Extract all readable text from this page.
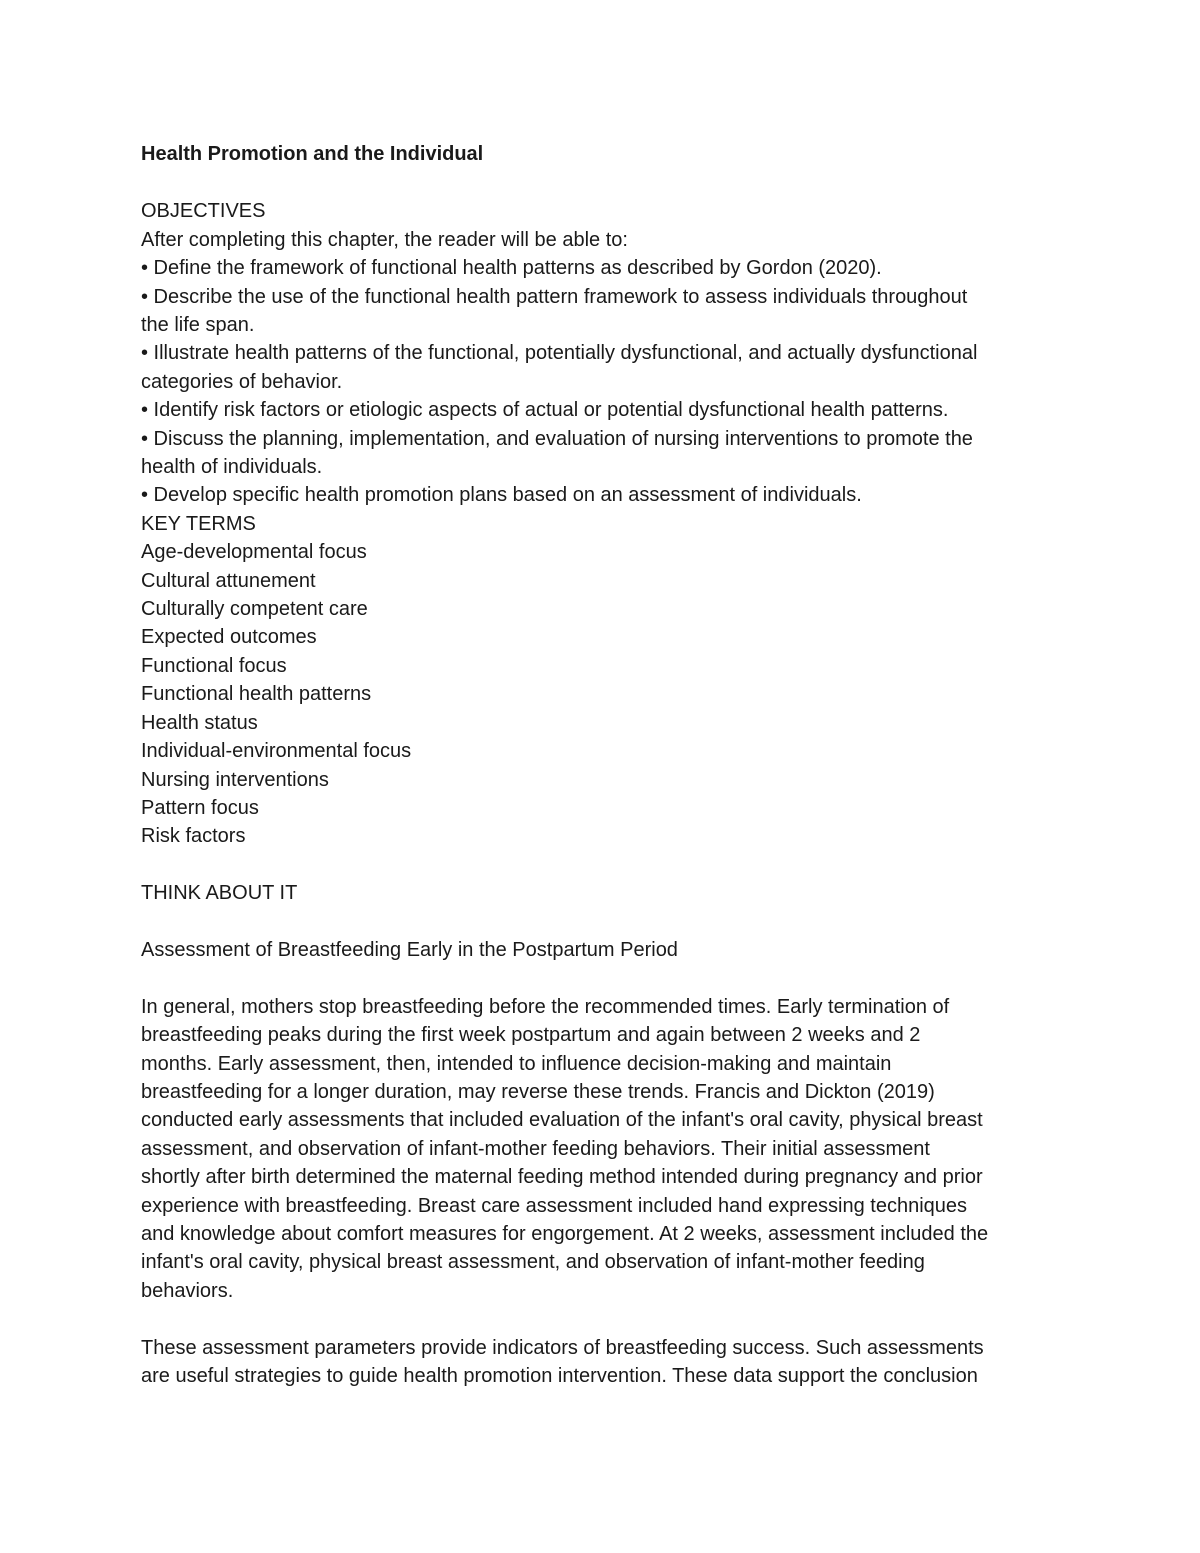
Health Promotion and the Individual

OBJECTIVES

After completing this chapter, the reader will be able to:

• Define the framework of functional health patterns as described by Gordon (2020).
• Describe the use of the functional health pattern framework to assess individuals throughout
the life span.
• Illustrate health patterns of the functional, potentially dysfunctional, and actually dysfunctional
categories of behavior.
• Identify risk factors or etiologic aspects of actual or potential dysfunctional health patterns.
• Discuss the planning, implementation, and evaluation of nursing interventions to promote the
health of individuals.
• Develop specific health promotion plans based on an assessment of individuals.

KEY TERMS

Age-developmental focus
Cultural attunement
Culturally competent care
Expected outcomes
Functional focus
Functional health patterns
Health status
Individual-environmental focus
Nursing interventions
Pattern focus
Risk factors

THINK ABOUT IT

Assessment of Breastfeeding Early in the Postpartum Period

In general, mothers stop breastfeeding before the recommended times. Early termination of

breastfeeding peaks during the first week postpartum and again between 2 weeks and 2

months. Early assessment, then, intended to influence decision-making and maintain

breastfeeding for a longer duration, may reverse these trends. Francis and Dickton (2019)

conducted early assessments that included evaluation of the infant's oral cavity, physical breast

assessment, and observation of infant-mother feeding behaviors. Their initial assessment

shortly after birth determined the maternal feeding method intended during pregnancy and prior

experience with breastfeeding. Breast care assessment included hand expressing techniques

and knowledge about comfort measures for engorgement. At 2 weeks, assessment included the

infant's oral cavity, physical breast assessment, and observation of infant-mother feeding

behaviors.

These assessment parameters provide indicators of breastfeeding success. Such assessments

are useful strategies to guide health promotion intervention. These data support the conclusion
